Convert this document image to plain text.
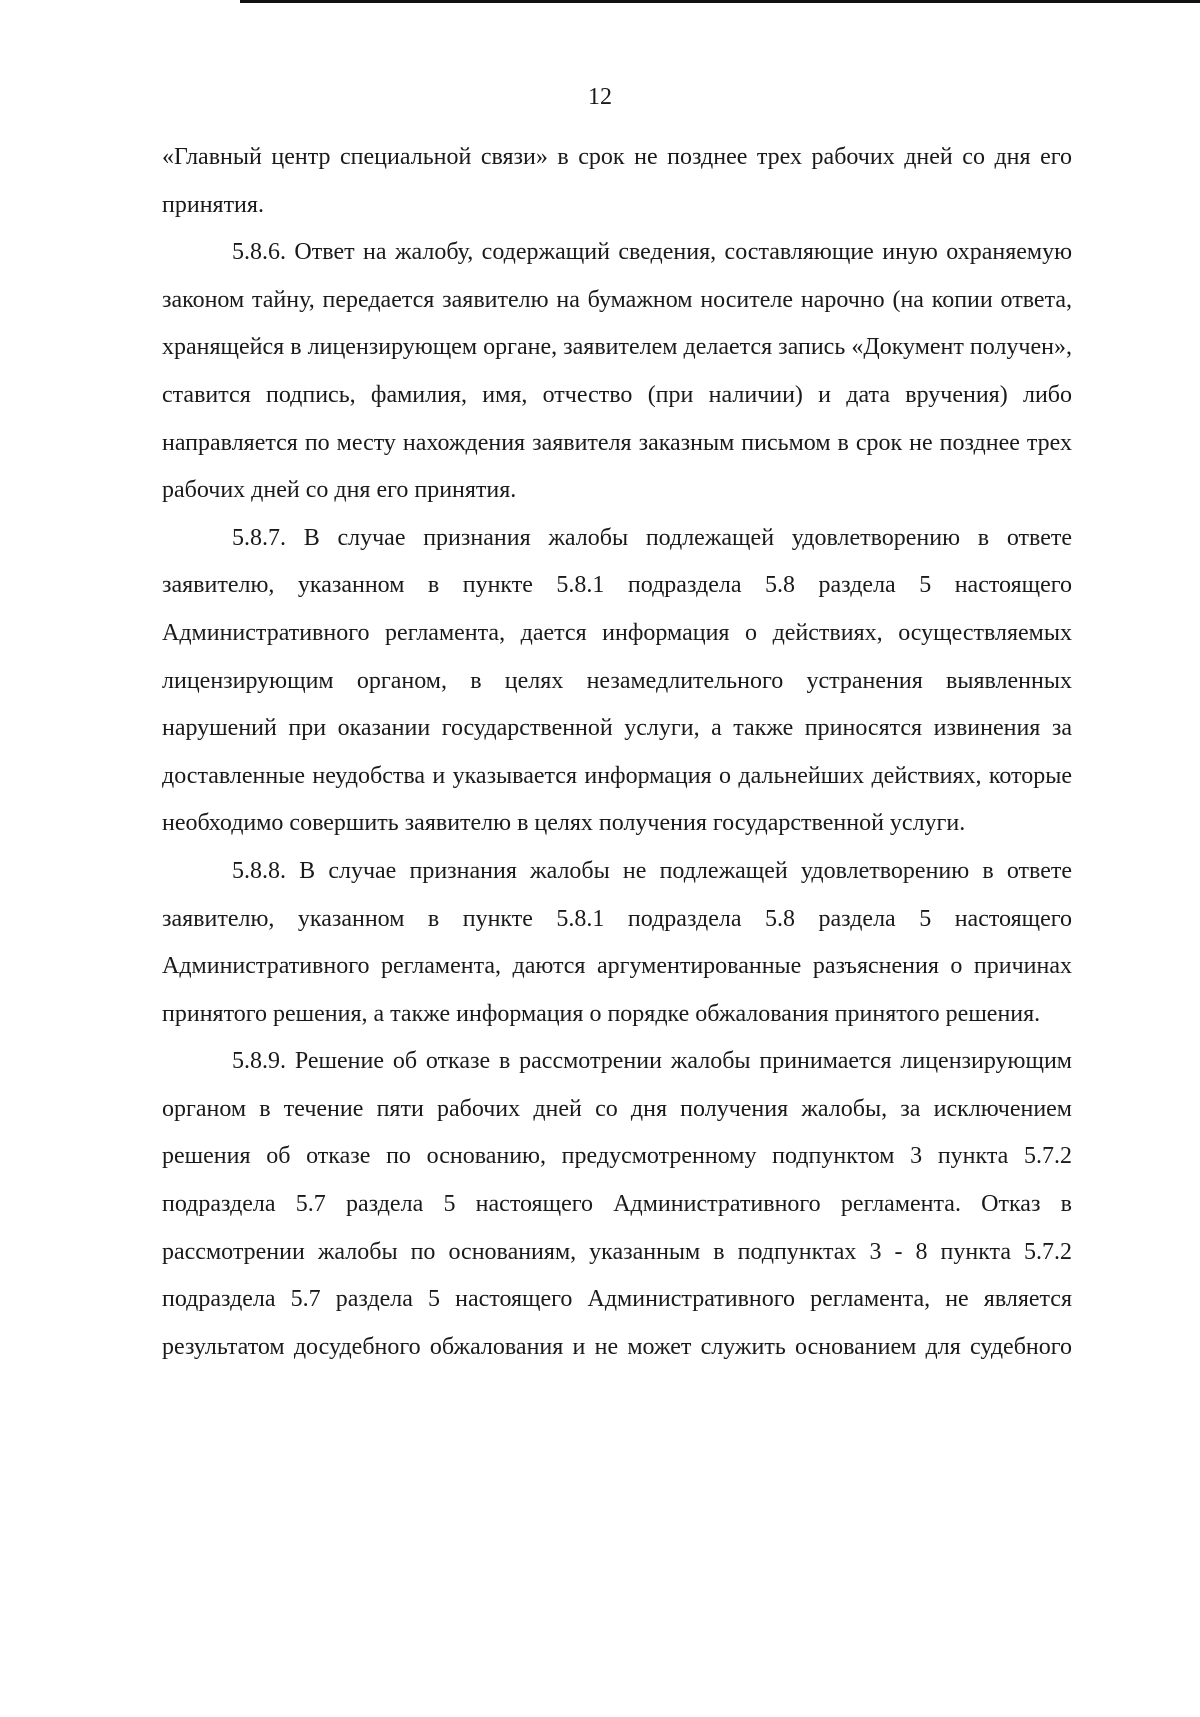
12

«Главный центр специальной связи» в срок не позднее трех рабочих дней со дня его принятия.

5.8.6. Ответ на жалобу, содержащий сведения, составляющие иную охраняемую законом тайну, передается заявителю на бумажном носителе нарочно (на копии ответа, хранящейся в лицензирующем органе, заявителем делается запись «Документ получен», ставится подпись, фамилия, имя, отчество (при наличии) и дата вручения) либо направляется по месту нахождения заявителя заказным письмом в срок не позднее трех рабочих дней со дня его принятия.

5.8.7. В случае признания жалобы подлежащей удовлетворению в ответе заявителю, указанном в пункте 5.8.1 подраздела 5.8 раздела 5 настоящего Административного регламента, дается информация о действиях, осуществляемых лицензирующим органом, в целях незамедлительного устранения выявленных нарушений при оказании государственной услуги, а также приносятся извинения за доставленные неудобства и указывается информация о дальнейших действиях, которые необходимо совершить заявителю в целях получения государственной услуги.

5.8.8. В случае признания жалобы не подлежащей удовлетворению в ответе заявителю, указанном в пункте 5.8.1 подраздела 5.8 раздела 5 настоящего Административного регламента, даются аргументированные разъяснения о причинах принятого решения, а также информация о порядке обжалования принятого решения.

5.8.9. Решение об отказе в рассмотрении жалобы принимается лицензирующим органом в течение пяти рабочих дней со дня получения жалобы, за исключением решения об отказе по основанию, предусмотренному подпунктом 3 пункта 5.7.2 подраздела 5.7 раздела 5 настоящего Административного регламента. Отказ в рассмотрении жалобы по основаниям, указанным в подпунктах 3 - 8 пункта 5.7.2 подраздела 5.7 раздела 5 настоящего Административного регламента, не является результатом досудебного обжалования и не может служить основанием для судебного
